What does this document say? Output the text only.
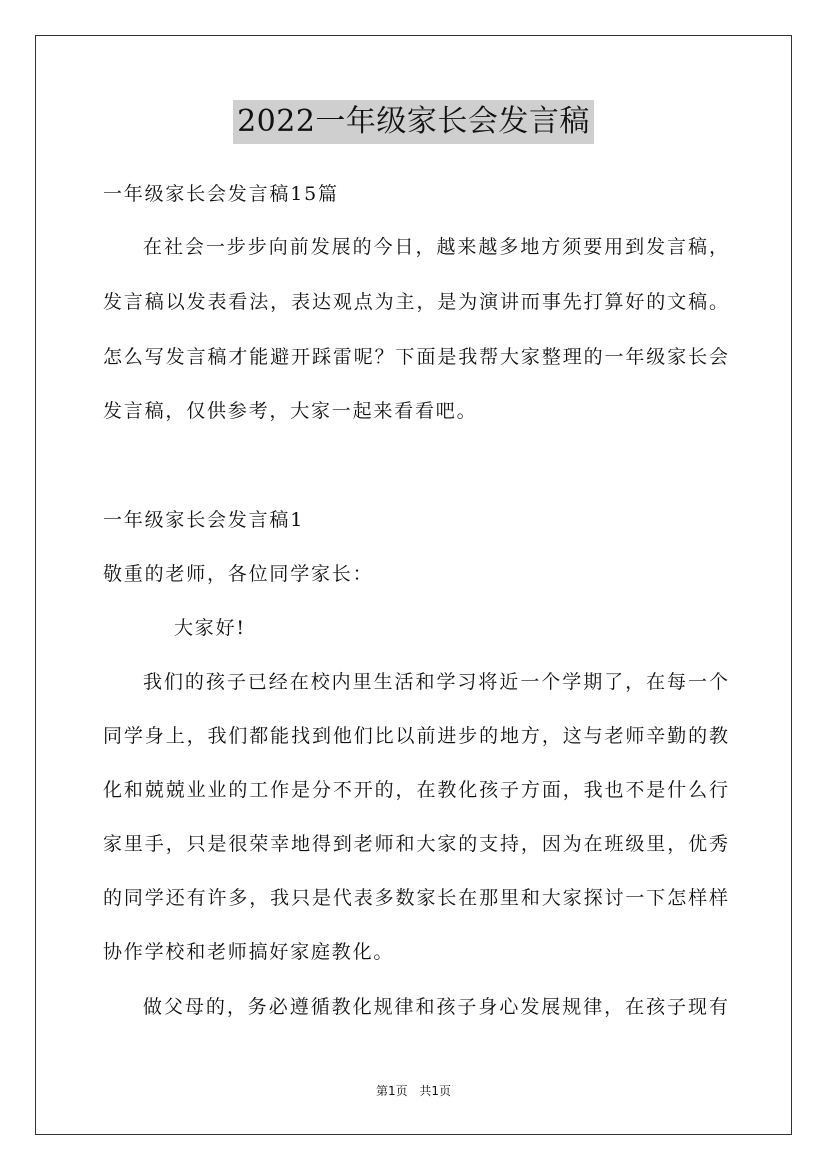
2022一年级家长会发言稿
一年级家长会发言稿15篇
在社会一步步向前发展的今日，越来越多地方须要用到发言稿，
发言稿以发表看法，表达观点为主，是为演讲而事先打算好的文稿。
怎么写发言稿才能避开踩雷呢？下面是我帮大家整理的一年级家长会
发言稿，仅供参考，大家一起来看看吧。
一年级家长会发言稿1
敬重的老师，各位同学家长：
大家好!
我们的孩子已经在校内里生活和学习将近一个学期了，在每一个
同学身上，我们都能找到他们比以前进步的地方，这与老师辛勤的教
化和兢兢业业的工作是分不开的，在教化孩子方面，我也不是什么行
家里手，只是很荣幸地得到老师和大家的支持，因为在班级里，优秀
的同学还有许多，我只是代表多数家长在那里和大家探讨一下怎样样
协作学校和老师搞好家庭教化。
做父母的，务必遵循教化规律和孩子身心发展规律，在孩子现有
第1页 共1页
